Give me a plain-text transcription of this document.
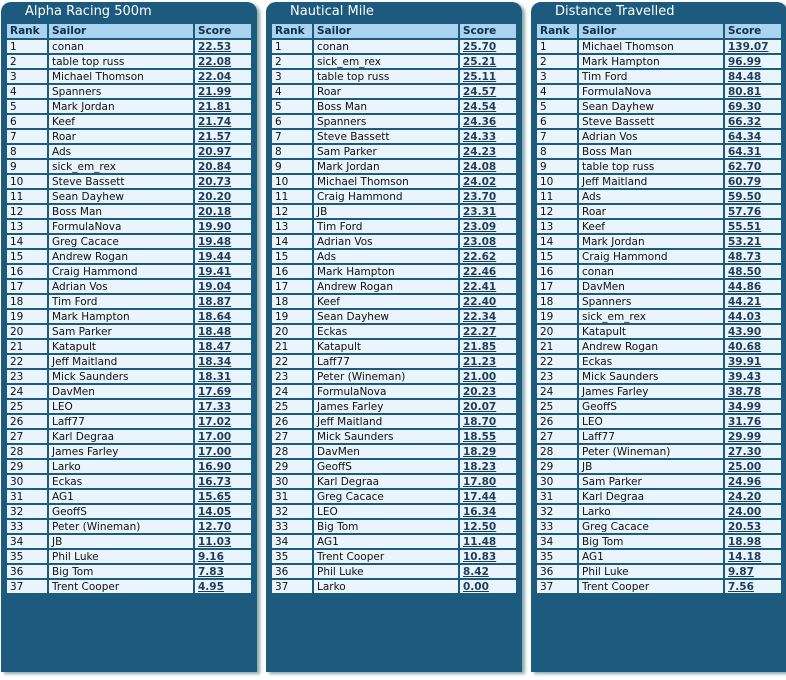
Alpha Racing 500m
Rank	Sailor	Score
1	conan	22.53
2	table top russ	22.08
3	Michael Thomson	22.04
4	Spanners	21.99
5	Mark Jordan	21.81
6	Keef	21.74
7	Roar	21.57
8	Ads	20.97
9	sick_em_rex	20.84
10	Steve Bassett	20.73
11	Sean Dayhew	20.20
12	Boss Man	20.18
13	FormulaNova	19.90
14	Greg Cacace	19.48
15	Andrew Rogan	19.44
16	Craig Hammond	19.41
17	Adrian Vos	19.04
18	Tim Ford	18.87
19	Mark Hampton	18.64
20	Sam Parker	18.48
21	Katapult	18.47
22	Jeff Maitland	18.34
23	Mick Saunders	18.31
24	DavMen	17.69
25	LEO	17.33
26	Laff77	17.02
27	Karl Degraa	17.00
28	James Farley	17.00
29	Larko	16.90
30	Eckas	16.73
31	AG1	15.65
32	GeoffS	14.05
33	Peter (Wineman)	12.70
34	JB	11.03
35	Phil Luke	9.16
36	Big Tom	7.83
37	Trent Cooper	4.95
Nautical Mile
Rank	Sailor	Score
1	conan	25.70
2	sick_em_rex	25.21
3	table top russ	25.11
4	Roar	24.57
5	Boss Man	24.54
6	Spanners	24.36
7	Steve Bassett	24.33
8	Sam Parker	24.23
9	Mark Jordan	24.08
10	Michael Thomson	24.02
11	Craig Hammond	23.70
12	JB	23.31
13	Tim Ford	23.09
14	Adrian Vos	23.08
15	Ads	22.62
16	Mark Hampton	22.46
17	Andrew Rogan	22.41
18	Keef	22.40
19	Sean Dayhew	22.34
20	Eckas	22.27
21	Katapult	21.85
22	Laff77	21.23
23	Peter (Wineman)	21.00
24	FormulaNova	20.23
25	James Farley	20.07
26	Jeff Maitland	18.70
27	Mick Saunders	18.55
28	DavMen	18.29
29	GeoffS	18.23
30	Karl Degraa	17.80
31	Greg Cacace	17.44
32	LEO	16.34
33	Big Tom	12.50
34	AG1	11.48
35	Trent Cooper	10.83
36	Phil Luke	8.42
37	Larko	0.00
Distance Travelled
Rank	Sailor	Score
1	Michael Thomson	139.07
2	Mark Hampton	96.99
3	Tim Ford	84.48
4	FormulaNova	80.81
5	Sean Dayhew	69.30
6	Steve Bassett	66.32
7	Adrian Vos	64.34
8	Boss Man	64.31
9	table top russ	62.70
10	Jeff Maitland	60.79
11	Ads	59.50
12	Roar	57.76
13	Keef	55.51
14	Mark Jordan	53.21
15	Craig Hammond	48.73
16	conan	48.50
17	DavMen	44.86
18	Spanners	44.21
19	sick_em_rex	44.03
20	Katapult	43.90
21	Andrew Rogan	40.68
22	Eckas	39.91
23	Mick Saunders	39.43
24	James Farley	38.78
25	GeoffS	34.99
26	LEO	31.76
27	Laff77	29.99
28	Peter (Wineman)	27.30
29	JB	25.00
30	Sam Parker	24.96
31	Karl Degraa	24.20
32	Larko	24.00
33	Greg Cacace	20.53
34	Big Tom	18.98
35	AG1	14.18
36	Phil Luke	9.87
37	Trent Cooper	7.56
